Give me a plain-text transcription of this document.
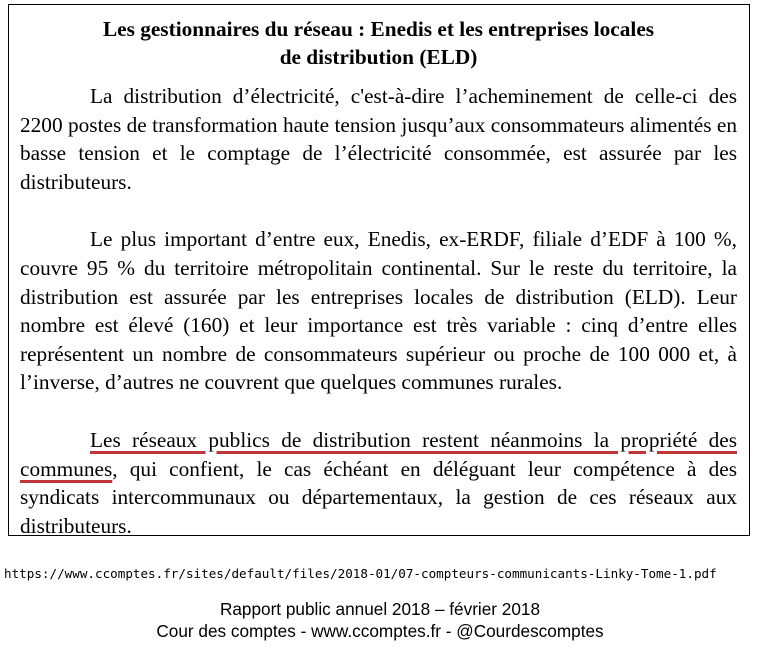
Les gestionnaires du réseau : Enedis et les entreprises locales
de distribution (ELD)

La distribution d’électricité, c'est-à-dire l’acheminement de celle-ci des 2200 postes de transformation haute tension jusqu’aux consommateurs alimentés en basse tension et le comptage de l’électricité consommée, est assurée par les distributeurs.

Le plus important d’entre eux, Enedis, ex-ERDF, filiale d’EDF à 100 %, couvre 95 % du territoire métropolitain continental. Sur le reste du territoire, la distribution est assurée par les entreprises locales de distribution (ELD). Leur nombre est élevé (160) et leur importance est très variable : cinq d’entre elles représentent un nombre de consommateurs supérieur ou proche de 100 000 et, à l’inverse, d’autres ne couvrent que quelques communes rurales.

Les réseaux publics de distribution restent néanmoins la propriété des communes, qui confient, le cas échéant en déléguant leur compétence à des syndicats intercommunaux ou départementaux, la gestion de ces réseaux aux distributeurs.

https://www.ccomptes.fr/sites/default/files/2018-01/07-compteurs-communicants-Linky-Tome-1.pdf
Rapport public annuel 2018 – février 2018
Cour des comptes - www.ccomptes.fr - @Courdescomptes
